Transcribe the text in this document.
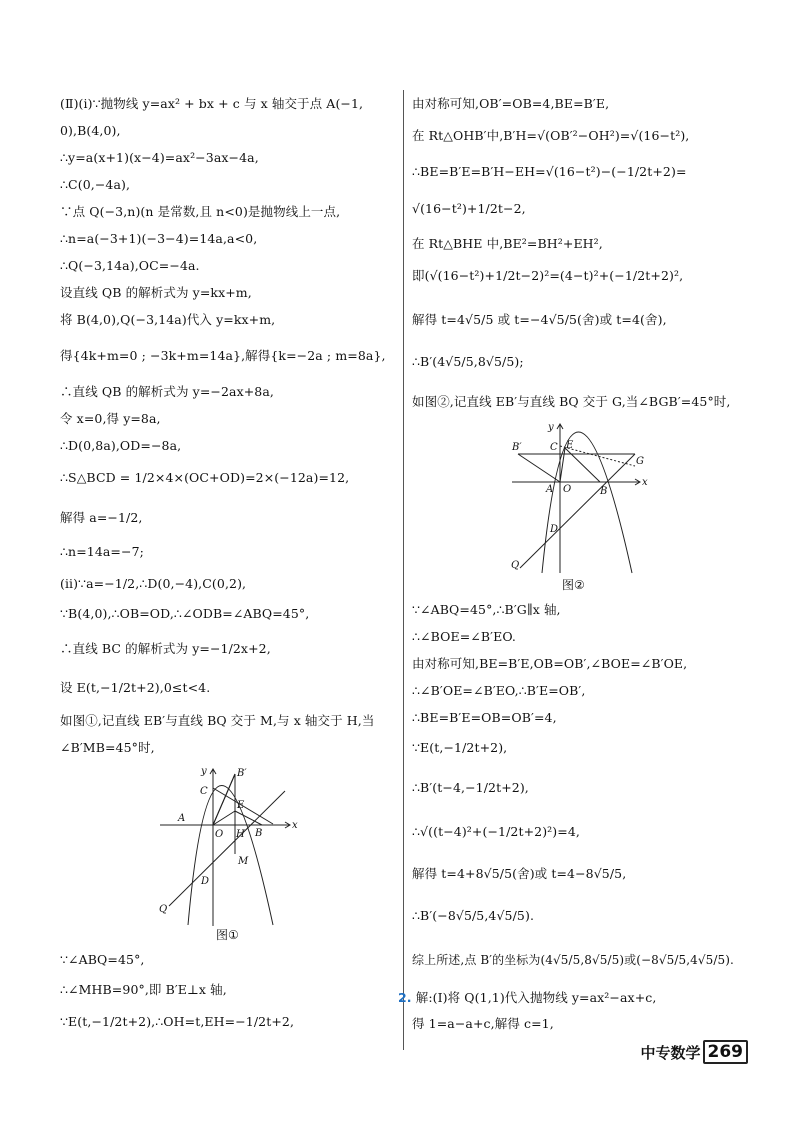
(Ⅱ)(ⅰ)∵抛物线 y=ax² + bx + c 与 x 轴交于点 A(−1,
0),B(4,0),
∴y=a(x+1)(x−4)=ax²−3ax−4a,
∴C(0,−4a),
∵点 Q(−3,n)(n 是常数,且 n<0)是抛物线上一点,
∴n=a(−3+1)(−3−4)=14a,a<0,
∴Q(−3,14a),OC=−4a.
设直线 QB 的解析式为 y=kx+m,
将 B(4,0),Q(−3,14a)代入 y=kx+m,
得{4k+m=0 ; −3k+m=14a},解得{k=−2a ; m=8a},
∴直线 QB 的解析式为 y=−2ax+8a,
令 x=0,得 y=8a,
∴D(0,8a),OD=−8a,
∴S△BCD = 1/2×4×(OC+OD)=2×(−12a)=12,
解得 a=−1/2,
∴n=14a=−7;
(ⅱ)∵a=−1/2,∴D(0,−4),C(0,2),
∵B(4,0),∴OB=OD,∴∠ODB=∠ABQ=45°,
∴直线 BC 的解析式为 y=−1/2x+2,
设 E(t,−1/2t+2),0≤t<4.
如图①,记直线 EB′与直线 BQ 交于 M,与 x 轴交于 H,当
∠B′MB=45°时,
y
x
B′
C
E
A
O H B
M
D
Q
图①
∵∠ABQ=45°,
∴∠MHB=90°,即 B′E⊥x 轴,
∵E(t,−1/2t+2),∴OH=t,EH=−1/2t+2,
由对称可知,OB′=OB=4,BE=B′E,
在 Rt△OHB′中,B′H=√(OB′²−OH²)=√(16−t²),
∴BE=B′E=B′H−EH=√(16−t²)−(−1/2t+2)=
√(16−t²)+1/2t−2,
在 Rt△BHE 中,BE²=BH²+EH²,
即(√(16−t²)+1/2t−2)²=(4−t)²+(−1/2t+2)²,
解得 t=4√5/5 或 t=−4√5/5(舍)或 t=4(舍),
∴B′(4√5/5,8√5/5);
如图②,记直线 EB′与直线 BQ 交于 G,当∠BGB′=45°时,
y
x
B′	C E
G
A O	B
D
Q
图②
∵∠ABQ=45°,∴B′G∥x 轴,
∴∠BOE=∠B′EO.
由对称可知,BE=B′E,OB=OB′,∠BOE=∠B′OE,
∴∠B′OE=∠B′EO,∴B′E=OB′,
∴BE=B′E=OB=OB′=4,
∵E(t,−1/2t+2),
∴B′(t−4,−1/2t+2),
∴√((t−4)²+(−1/2t+2)²)=4,
解得 t=4+8√5/5(舍)或 t=4−8√5/5,
∴B′(−8√5/5,4√5/5).
综上所述,点 B′的坐标为(4√5/5,8√5/5)或(−8√5/5,4√5/5).
2. 解:(Ⅰ)将 Q(1,1)代入抛物线 y=ax²−ax+c,
得 1=a−a+c,解得 c=1,
中专数学 269
